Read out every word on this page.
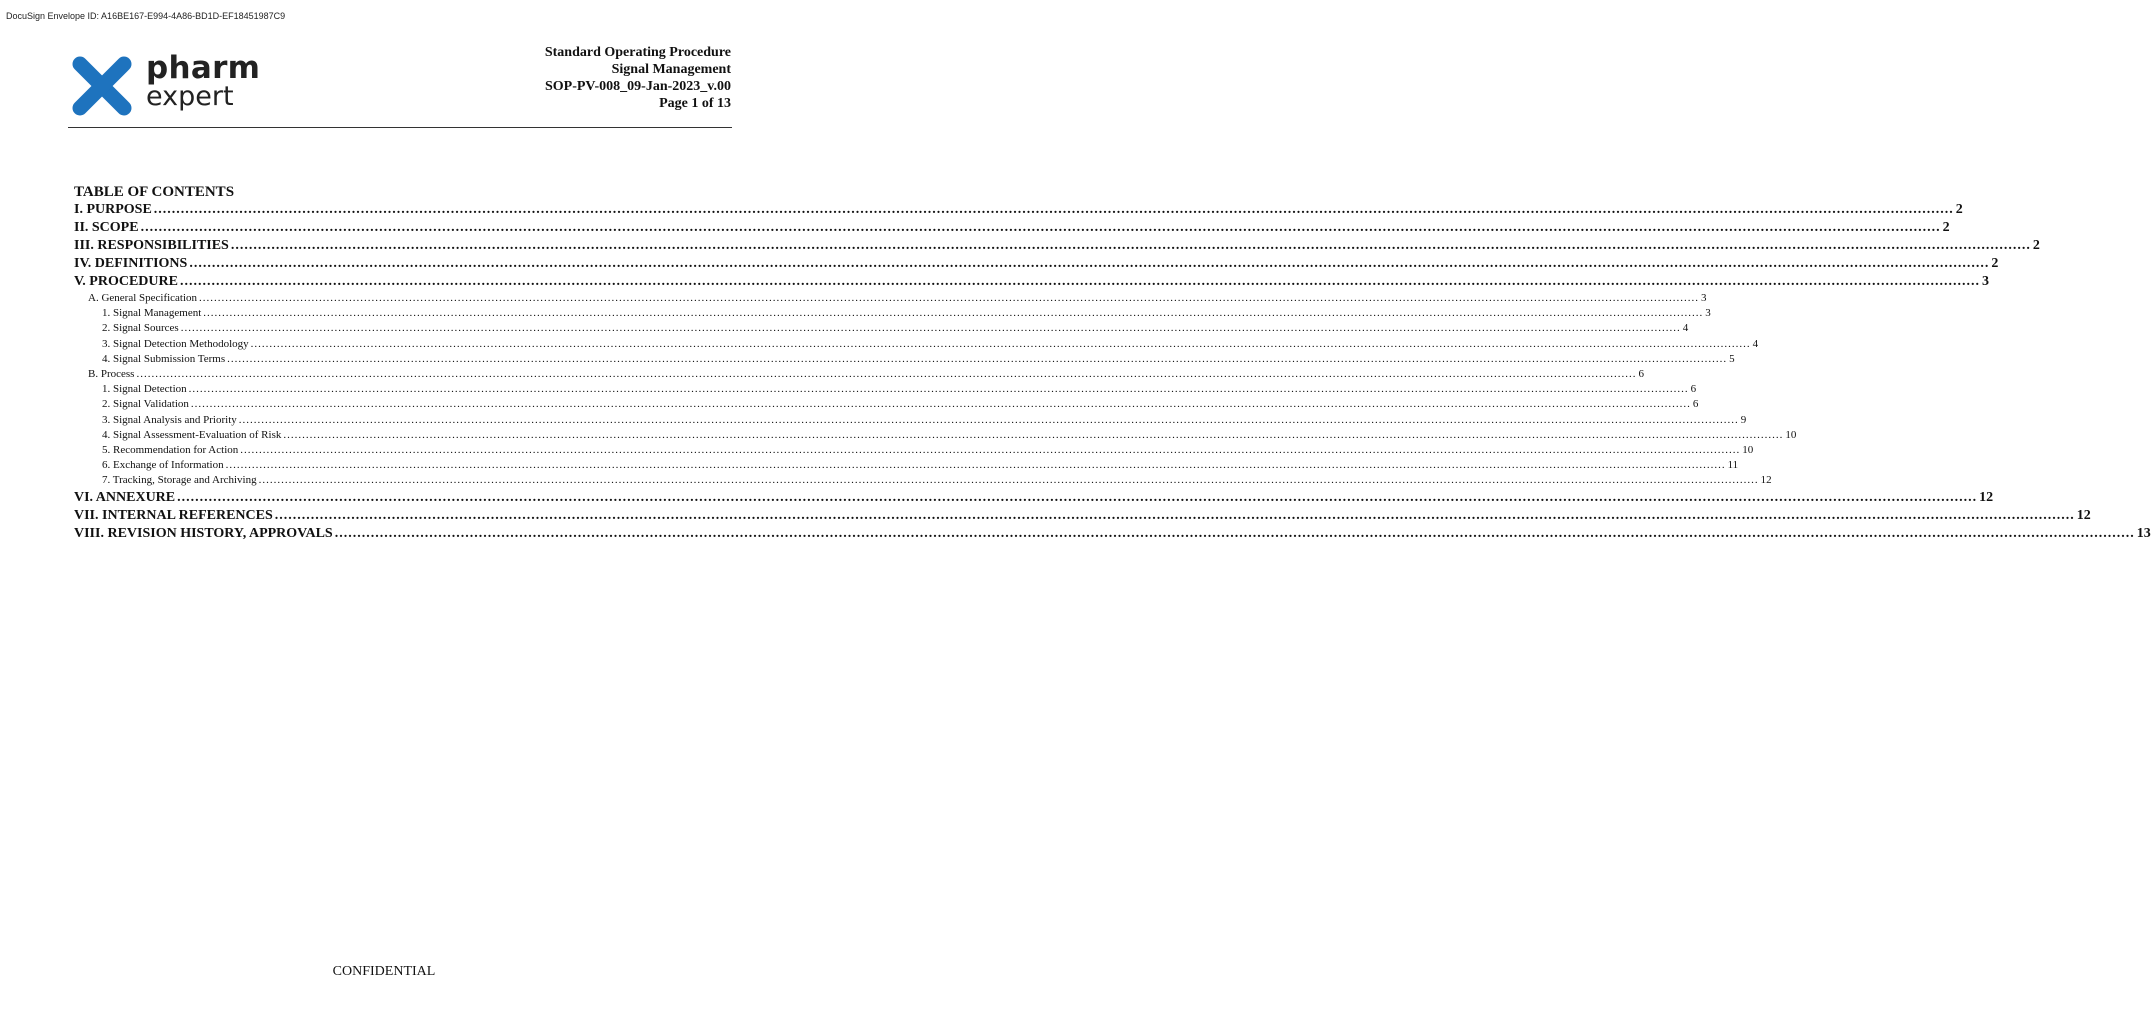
DocuSign Envelope ID: A16BE167-E994-4A86-BD1D-EF18451987C9
pharm
expert
Standard Operating Procedure
Signal Management
SOP-PV-008_09-Jan-2023_v.00
Page 1 of 13
TABLE OF CONTENTS
I. PURPOSE ................................................................................................................................................................................................................................................................................................................................................................................................................ 2
II. SCOPE ................................................................................................................................................................................................................................................................................................................................................................................................................ 2
III. RESPONSIBILITIES ................................................................................................................................................................................................................................................................................................................................................................................................................ 2
IV. DEFINITIONS ................................................................................................................................................................................................................................................................................................................................................................................................................ 2
V. PROCEDURE ................................................................................................................................................................................................................................................................................................................................................................................................................ 3
A. General Specification ................................................................................................................................................................................................................................................................................................................................................................................................................ 3
1. Signal Management ................................................................................................................................................................................................................................................................................................................................................................................................................ 3
2. Signal Sources ................................................................................................................................................................................................................................................................................................................................................................................................................ 4
3. Signal Detection Methodology ................................................................................................................................................................................................................................................................................................................................................................................................................ 4
4. Signal Submission Terms ................................................................................................................................................................................................................................................................................................................................................................................................................ 5
B. Process ................................................................................................................................................................................................................................................................................................................................................................................................................ 6
1. Signal Detection ................................................................................................................................................................................................................................................................................................................................................................................................................ 6
2. Signal Validation ................................................................................................................................................................................................................................................................................................................................................................................................................ 6
3. Signal Analysis and Priority ................................................................................................................................................................................................................................................................................................................................................................................................................ 9
4. Signal Assessment-Evaluation of Risk ................................................................................................................................................................................................................................................................................................................................................................................................................ 10
5. Recommendation for Action ................................................................................................................................................................................................................................................................................................................................................................................................................ 10
6. Exchange of Information ................................................................................................................................................................................................................................................................................................................................................................................................................ 11
7. Tracking, Storage and Archiving ................................................................................................................................................................................................................................................................................................................................................................................................................ 12
VI. ANNEXURE ................................................................................................................................................................................................................................................................................................................................................................................................................ 12
VII. INTERNAL REFERENCES ................................................................................................................................................................................................................................................................................................................................................................................................................ 12
VIII. REVISION HISTORY, APPROVALS ................................................................................................................................................................................................................................................................................................................................................................................................................ 13
CONFIDENTIAL
